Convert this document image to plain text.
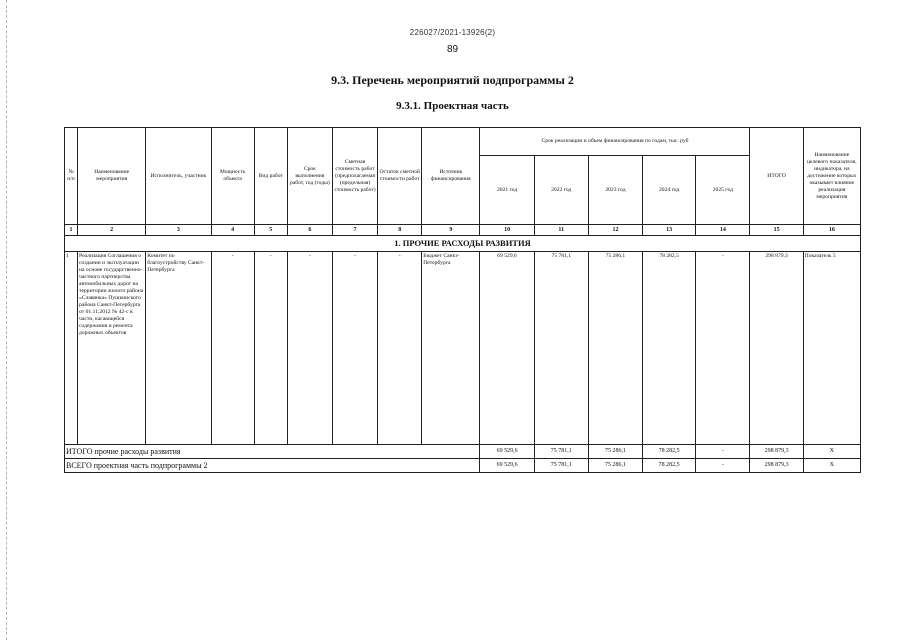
226027/2021-13926(2)
89
9.3. Перечень мероприятий подпрограммы 2
9.3.1. Проектная часть
№ п/п	Наименование мероприятия	Исполнитель, участник	Мощность объекта	Вид работ	Срок выполнения работ, год (годы)	Сметная стоимость работ (предполагаемая (предельная) стоимость работ)	Остаток сметной стоимости работ	Источник финансирования	Срок реализации и объем финансирования по годам, тыс. руб					ИТОГО	Наименование целевого показателя, индикатора, на достижение которых оказывает влияние реализация мероприятия
									2021 год	2022 год	2023 год	2024 год	2025 год		
1	2	3	4	5	6	7	8	9	10	11	12	13	14	15	16
1. ПРОЧИЕ РАСХОДЫ РАЗВИТИЯ															
1	Реализация Соглашения о создании и эксплуатации на основе государственно-частного партнерства автомобильных дорог на территории жилого района «Славянка» Пушкинского района Санкт-Петербурга от 01.11.2012 № 42-с в части, касающейся содержания и ремонта дорожных объектов	Комитет по благоустройству Санкт-Петербурга	-	-	-	-	-	Бюджет Санкт-Петербурга	69 529,6	75 781,1	75 286,1	78 282,5	-	298 879,3	Показатель 5
ИТОГО прочие расходы развития									69 529,6	75 781,1	75 286,1	78 282,5	-	298 879,3	Х
ВСЕГО проектная часть подпрограммы 2									69 529,6	75 781,1	75 286,1	78 282,5	-	298 879,3	Х
